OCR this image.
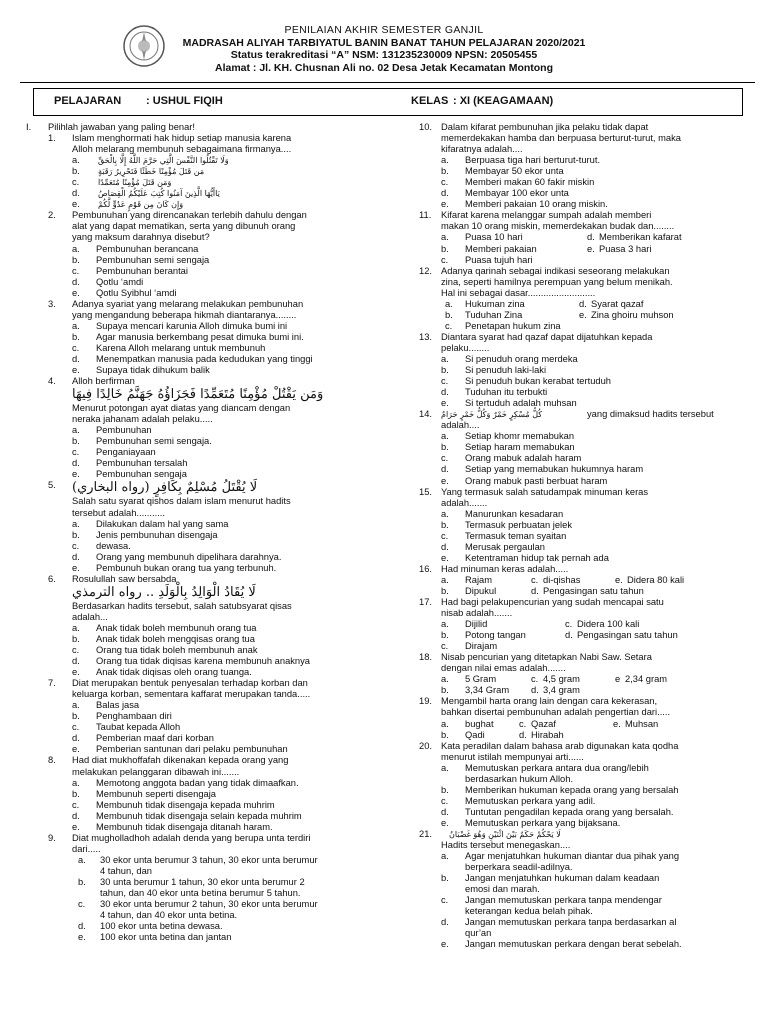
PENILAIAN AKHIR SEMESTER GANJIL
MADRASAH ALIYAH TARBIYATUL BANIN BANAT TAHUN PELAJARAN 2020/2021
Status terakreditasi “A” NSM: 131235230009 NPSN: 20505455
Alamat : Jl. KH. Chusnan Ali no. 02 Desa Jetak Kecamatan Montong
PELAJARAN : USHUL FIQIH	KELAS : XI (KEAGAMAAN)
I. Pilihlah jawaban yang paling benar!
1. Islam menghormati hak hidup setiap manusia karena
Alloh melarang membunuh sebagaimana firmanya....
a. وَلَا تَقْتُلُوا النَّفْسَ الَّتِي حَرَّمَ اللَّهُ إِلَّا بِالْحَقِّ
b. مَن قَتَلَ مُؤْمِنًا خَطَئًا فَتَحْرِيرُ رَقَبَةٍ
c. وَمَن قَتَلَ مُؤْمِنًا مُتَعَمِّدًا
d. يَاأَيُّهَا الَّذِينَ آمَنُوا كُتِبَ عَلَيْكُمُ الْقِصَاصُ
e. وَإِن كَانَ مِن قَوْمٍ عَدُوٍّ لَّكُمْ
2. Pembunuhan yang direncanakan terlebih dahulu dengan
alat yang dapat mematikan, serta yang dibunuh orang
yang maksum darahnya disebut?
a. Pembunuhan berancana
b. Pembunuhan semi sengaja
c. Pembunuhan berantai
d. Qotlu ‘amdi
e. Qotlu Syibhul ‘amdi
3. Adanya syariat yang melarang melakukan pembunuhan
yang mengandung beberapa hikmah diantaranya........
a. Supaya mencari karunia Alloh dimuka bumi ini
b. Agar manusia berkembang pesat dimuka bumi ini.
c. Karena Alloh melarang untuk membunuh
d. Menempatkan manusia pada kedudukan yang tinggi
e. Supaya tidak dihukum balik
4. Alloh berfirman
وَمَن يَقْتُلْ مُؤْمِنًا مُتَعَمِّدًا فَجَزَاؤُهُ جَهَنَّمُ خَالِدًا فِيهَا
Menurut potongan ayat diatas yang diancam dengan
neraka jahanam adalah pelaku.....
a. Pembunuhan
b. Pembunuhan semi sengaja.
c. Penganiayaan
d. Pembunuhan tersalah
e. Pembunuhan sengaja
5. لَا يُقْتَلُ مُسْلِمٌ بِكَافِرٍ (رواه البخاري)
Salah satu syarat qishos dalam islam menurut hadits
tersebut adalah...........
a. Dilakukan dalam hal yang sama
b. Jenis pembunuhan disengaja
c. dewasa.
d. Orang yang membunuh dipelihara darahnya.
e. Pembunuh bukan orang tua yang terbunuh.
6. Rosulullah saw bersabda
لَا يُقَادُ الْوَالِدُ بِالْوَلَدِ .. رواه الترمذي
Berdasarkan hadits tersebut, salah satubsyarat qisas
adalah...
a. Anak tidak boleh membunuh orang tua
b. Anak tidak boleh mengqisas orang tua
c. Orang tua tidak boleh membunuh anak
d. Orang tua tidak diqisas karena membunuh anaknya
e. Anak tidak diqisas oleh orang tuanga.
7. Diat merupakan bentuk penyesalan terhadap korban dan
keluarga korban, sementara kaffarat merupakan tanda.....
a. Balas jasa
b. Penghambaan diri
c. Taubat kepada Alloh
d. Pemberian maaf dari korban
e. Pemberian santunan dari pelaku pembunuhan
8. Had diat mukhoffafah dikenakan kepada orang yang
melakukan pelanggaran dibawah ini.......
a. Memotong anggota badan yang tidak dimaafkan.
b. Membunuh seperti disengaja
c. Membunuh tidak disengaja kepada muhrim
d. Membunuh tidak disengaja selain kepada muhrim
e. Membunuh tidak disengaja ditanah haram.
9. Diat mugholladhoh adalah denda yang berupa unta terdiri
dari.....
a. 30 ekor unta berumur 3 tahun, 30 ekor unta berumur
4 tahun, dan
b. 30 unta berumur 1 tahun, 30 ekor unta berumur 2
tahun, dan 40 ekor unta betina berumur 5 tahun.
c. 30 ekor unta berumur 2 tahun, 30 ekor unta berumur
4 tahun, dan 40 ekor unta betina.
d. 100 ekor unta betina dewasa.
e. 100 ekor unta betina dan jantan
10. Dalam kifarat pembunuhan jika pelaku tidak dapat
memerdekakan hamba dan berpuasa berturut-turut, maka
kifaratnya adalah....
a. Berpuasa tiga hari berturut-turut.
b. Membayar 50 ekor unta
c. Memberi makan 60 fakir miskin
d. Membayar 100 ekor unta
e. Memberi pakaian 10 orang miskin.
11. Kifarat karena melanggar sumpah adalah memberi
makan 10 orang miskin, memerdekakan budak dan........
a. Puasa 10 hari	d. Memberikan kafarat
b. Memberi pakaian	e. Puasa 3 hari
c. Puasa tujuh hari
12. Adanya qarinah sebagai indikasi seseorang melakukan
zina, seperti hamilnya perempuan yang belum menikah.
Hal ini sebagai dasar..........................
a. Hukuman zina	d. Syarat qazaf
b. Tuduhan Zina	e. Zina ghoiru muhson
c. Penetapan hukum zina
13. Diantara syarat had qazaf dapat dijatuhkan kepada
pelaku........
a. Si penuduh orang merdeka
b. Si penuduh laki-laki
c. Si penuduh bukan kerabat tertuduh
d. Tuduhan itu terbukti
e. Si tertuduh adalah muhsan
14. كُلُّ مُسْكِرٍ خَمْرٌ وَكُلُّ خَمْرٍ حَرَامٌ	yang dimaksud hadits tersebut
adalah....
a. Setiap khomr memabukan
b. Setiap haram memabukan
c. Orang mabuk adalah haram
d. Setiap yang memabukan hukumnya haram
e. Orang mabuk pasti berbuat haram
15. Yang termasuk salah satudampak minuman keras
adalah.......
a. Manurunkan kesadaran
b. Termasuk perbuatan jelek
c. Termasuk teman syaitan
d. Merusak pergaulan
e. Ketentraman hidup tak pernah ada
16. Had minuman keras adalah.....
a. Rajam	c. di-qishas	e. Didera 80 kali
b. Dipukul	d. Pengasingan satu tahun
17. Had bagi pelakupencurian yang sudah mencapai satu
nisab adalah.......
a. Dijilid	c. Didera 100 kali
b. Potong tangan	d. Pengasingan satu tahun
c. Dirajam
18. Nisab pencurian yang ditetapkan Nabi Saw. Setara
dengan nilai emas adalah.......
a. 5 Gram	c. 4,5 gram	e 2,34 gram
b. 3,34 Gram d. 3,4 gram
19. Mengambil harta orang lain dengan cara kekerasan,
bahkan disertai pembunuhan adalah pengertian dari.....
a. bughat	c. Qazaf	e. Muhsan
b. Qadi	d. Hirabah
20. Kata peradilan dalam bahasa arab digunakan kata qodha
menurut istilah mempunyai arti......
a. Memutuskan perkara antara dua orang/lebih
berdasarkan hukum Alloh.
b. Memberikan hukuman kepada orang yang bersalah
c. Memutuskan perkara yang adil.
d. Tuntutan pengadilan kepada orang yang bersalah.
e. Memutuskan perkara yang bijaksana.
21. لَا يَحْكُمْ حَكَمٌ بَيْنَ اثْنَيْنِ وَهُوَ غَضْبَانُ
Hadits tersebut menegaskan....
a. Agar menjatuhkan hukuman diantar dua pihak yang
berperkara seadil-adilnya.
b. Jangan menjatuhkan hukuman dalam keadaan
emosi dan marah.
c. Jangan memutuskan perkara tanpa mendengar
keterangan kedua belah pihak.
d. Jangan memutuskan perkara tanpa berdasarkan al
qur’an
e. Jangan memutuskan perkara dengan berat sebelah.
